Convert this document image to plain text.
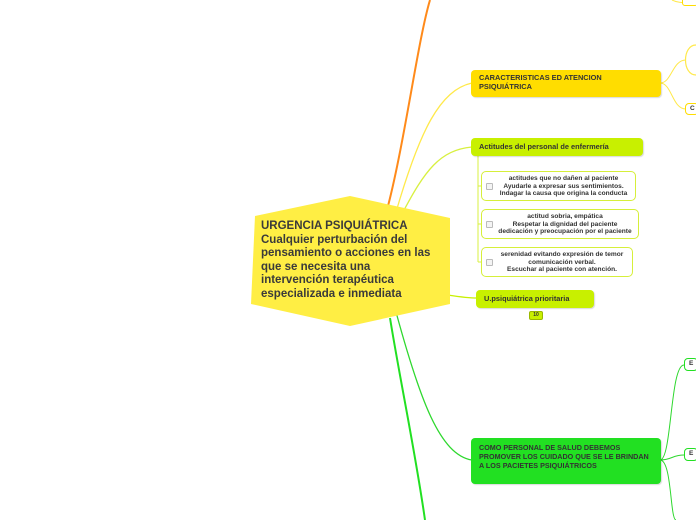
URGENCIA PSIQUIÁTRICA
Cualquier perturbación del pensamiento o acciones en las que se necesita una intervención terapéutica especializada e inmediata
CARACTERISTICAS ED ATENCION PSIQUIÁTRICA
Actitudes del personal de enfermería
actitudes que no dañen al paciente
Ayudarle a expresar sus sentimientos.
Indagar la causa que origina la conducta
actitud sobria, empática
Respetar la dignidad del paciente
dedicación y preocupación por el paciente
serenidad evitando expresión de temor
comunicación verbal.
Escuchar al paciente con atención.
U.psiquiátrica prioritaria
10
COMO PERSONAL DE SALUD DEBEMOS PROMOVER LOS CUIDADO QUE SE LE BRINDAN A LOS PACIETES PSIQUIÁTRICOS
C
E
E
